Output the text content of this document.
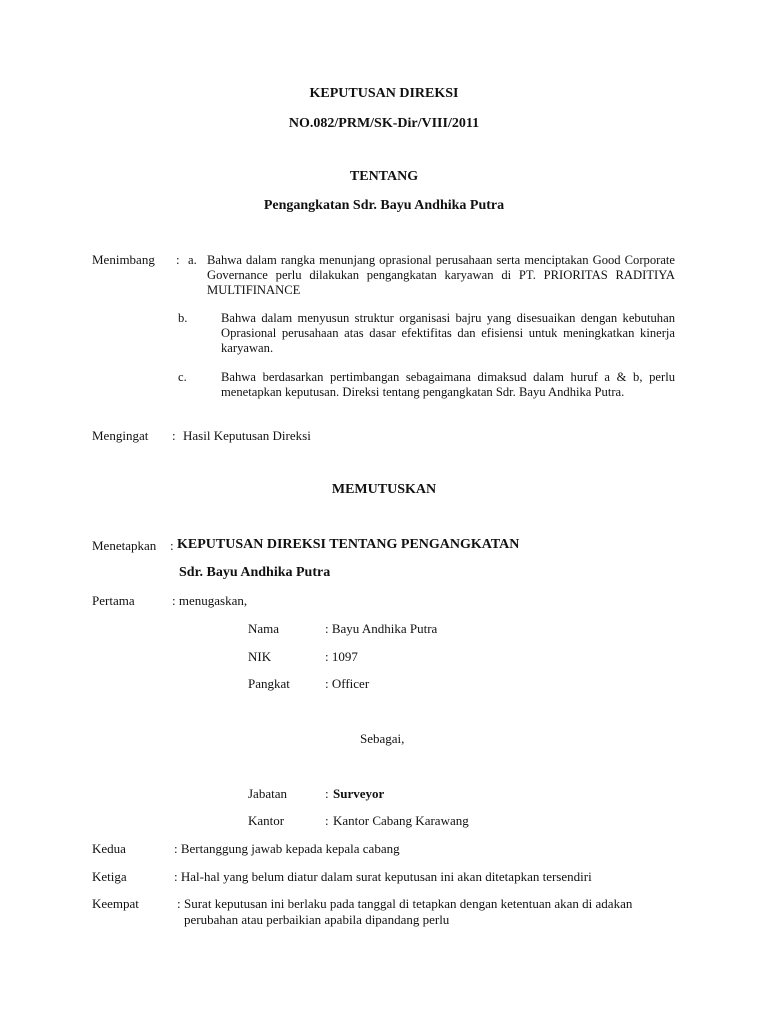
KEPUTUSAN DIREKSI
NO.082/PRM/SK-Dir/VIII/2011
TENTANG
Pengangkatan Sdr. Bayu Andhika Putra
Menimbang : a. Bahwa dalam rangka menunjang oprasional perusahaan serta menciptakan Good Corporate Governance perlu dilakukan pengangkatan karyawan di PT. PRIORITAS RADITIYA MULTIFINANCE
b.	Bahwa dalam menyusun struktur organisasi bajru yang disesuaikan dengan kebutuhan Oprasional perusahaan atas dasar efektifitas dan efisiensi untuk meningkatkan kinerja karyawan.
c.	Bahwa berdasarkan pertimbangan sebagaimana dimaksud dalam huruf a & b, perlu menetapkan keputusan. Direksi tentang pengangkatan Sdr. Bayu Andhika Putra.
Mengingat : Hasil Keputusan Direksi
MEMUTUSKAN
Menetapkan : KEPUTUSAN DIREKSI TENTANG PENGANGKATAN
Sdr. Bayu Andhika Putra
Pertama	: menugaskan,
Nama	: Bayu Andhika Putra
NIK	: 1097
Pangkat	: Officer
Sebagai,
Jabatan	: Surveyor
Kantor	: Kantor Cabang Karawang
Kedua	: Bertanggung jawab kepada kepala cabang
Ketiga	: Hal-hal yang belum diatur dalam surat keputusan ini akan ditetapkan tersendiri
Keempat	: Surat keputusan ini berlaku pada tanggal di tetapkan dengan ketentuan akan di adakan
perubahan atau perbaikian apabila dipandang perlu
